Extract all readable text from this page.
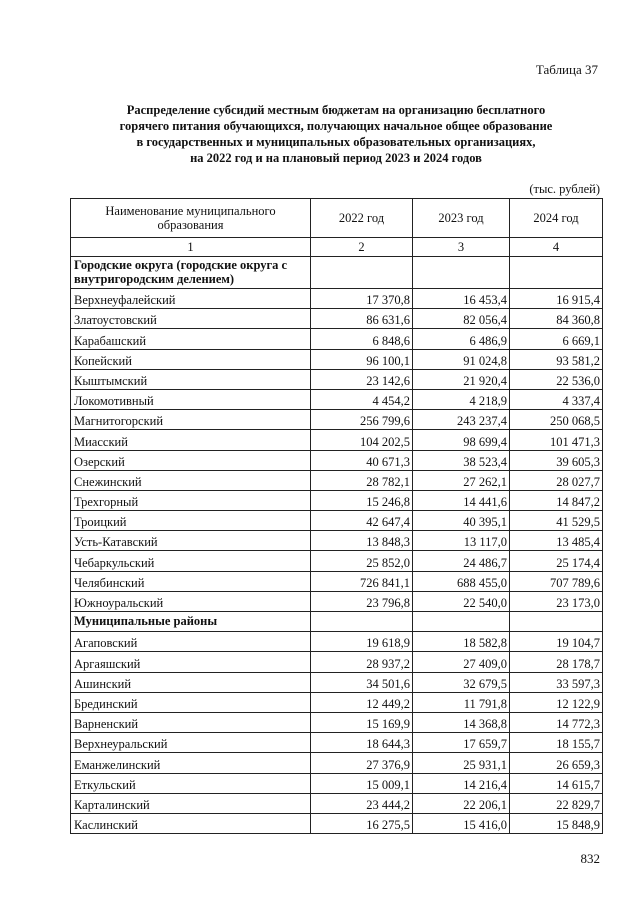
Таблица 37
Распределение субсидий местным бюджетам на организацию бесплатного
горячего питания обучающихся, получающих начальное общее образование
в государственных и муниципальных образовательных организациях,
на 2022 год и на плановый период 2023 и 2024 годов
(тыс. рублей)
Наименование муниципального образования	2022 год	2023 год	2024 год
1	2	3	4
Городские округа (городские округа с внутригородским делением)			
Верхнеуфалейский	17 370,8	16 453,4	16 915,4
Златоустовский	86 631,6	82 056,4	84 360,8
Карабашский	6 848,6	6 486,9	6 669,1
Копейский	96 100,1	91 024,8	93 581,2
Кыштымский	23 142,6	21 920,4	22 536,0
Локомотивный	4 454,2	4 218,9	4 337,4
Магнитогорский	256 799,6	243 237,4	250 068,5
Миасский	104 202,5	98 699,4	101 471,3
Озерский	40 671,3	38 523,4	39 605,3
Снежинский	28 782,1	27 262,1	28 027,7
Трехгорный	15 246,8	14 441,6	14 847,2
Троицкий	42 647,4	40 395,1	41 529,5
Усть-Катавский	13 848,3	13 117,0	13 485,4
Чебаркульский	25 852,0	24 486,7	25 174,4
Челябинский	726 841,1	688 455,0	707 789,6
Южноуральский	23 796,8	22 540,0	23 173,0
Муниципальные районы			
Агаповский	19 618,9	18 582,8	19 104,7
Аргаяшский	28 937,2	27 409,0	28 178,7
Ашинский	34 501,6	32 679,5	33 597,3
Брединский	12 449,2	11 791,8	12 122,9
Варненский	15 169,9	14 368,8	14 772,3
Верхнеуральский	18 644,3	17 659,7	18 155,7
Еманжелинский	27 376,9	25 931,1	26 659,3
Еткульский	15 009,1	14 216,4	14 615,7
Карталинский	23 444,2	22 206,1	22 829,7
Каслинский	16 275,5	15 416,0	15 848,9
832
